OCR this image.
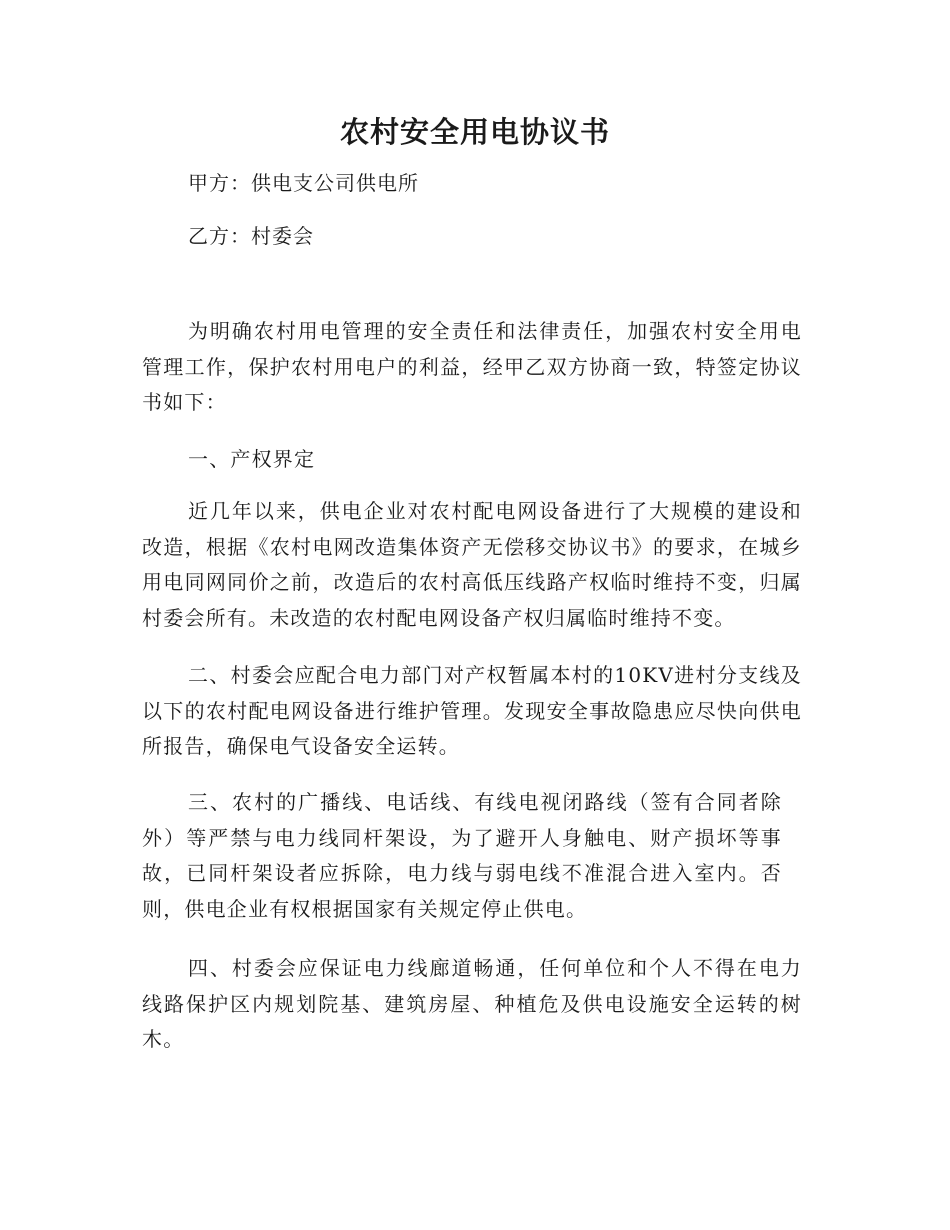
农村安全用电协议书
甲方：供电支公司供电所
乙方：村委会

为明确农村用电管理的安全责任和法律责任，加强农村安全用电管理工作，保护农村用电户的利益，经甲乙双方协商一致，特签定协议书如下：

一、产权界定

近几年以来，供电企业对农村配电网设备进行了大规模的建设和改造，根据《农村电网改造集体资产无偿移交协议书》的要求，在城乡用电同网同价之前，改造后的农村高低压线路产权临时维持不变，归属村委会所有。未改造的农村配电网设备产权归属临时维持不变。

二、村委会应配合电力部门对产权暂属本村的10KV进村分支线及以下的农村配电网设备进行维护管理。发现安全事故隐患应尽快向供电所报告，确保电气设备安全运转。

三、农村的广播线、电话线、有线电视闭路线（签有合同者除外）等严禁与电力线同杆架设，为了避开人身触电、财产损坏等事故，已同杆架设者应拆除，电力线与弱电线不准混合进入室内。否则，供电企业有权根据国家有关规定停止供电。

四、村委会应保证电力线廊道畅通，任何单位和个人不得在电力线路保护区内规划院基、建筑房屋、种植危及供电设施安全运转的树木。
